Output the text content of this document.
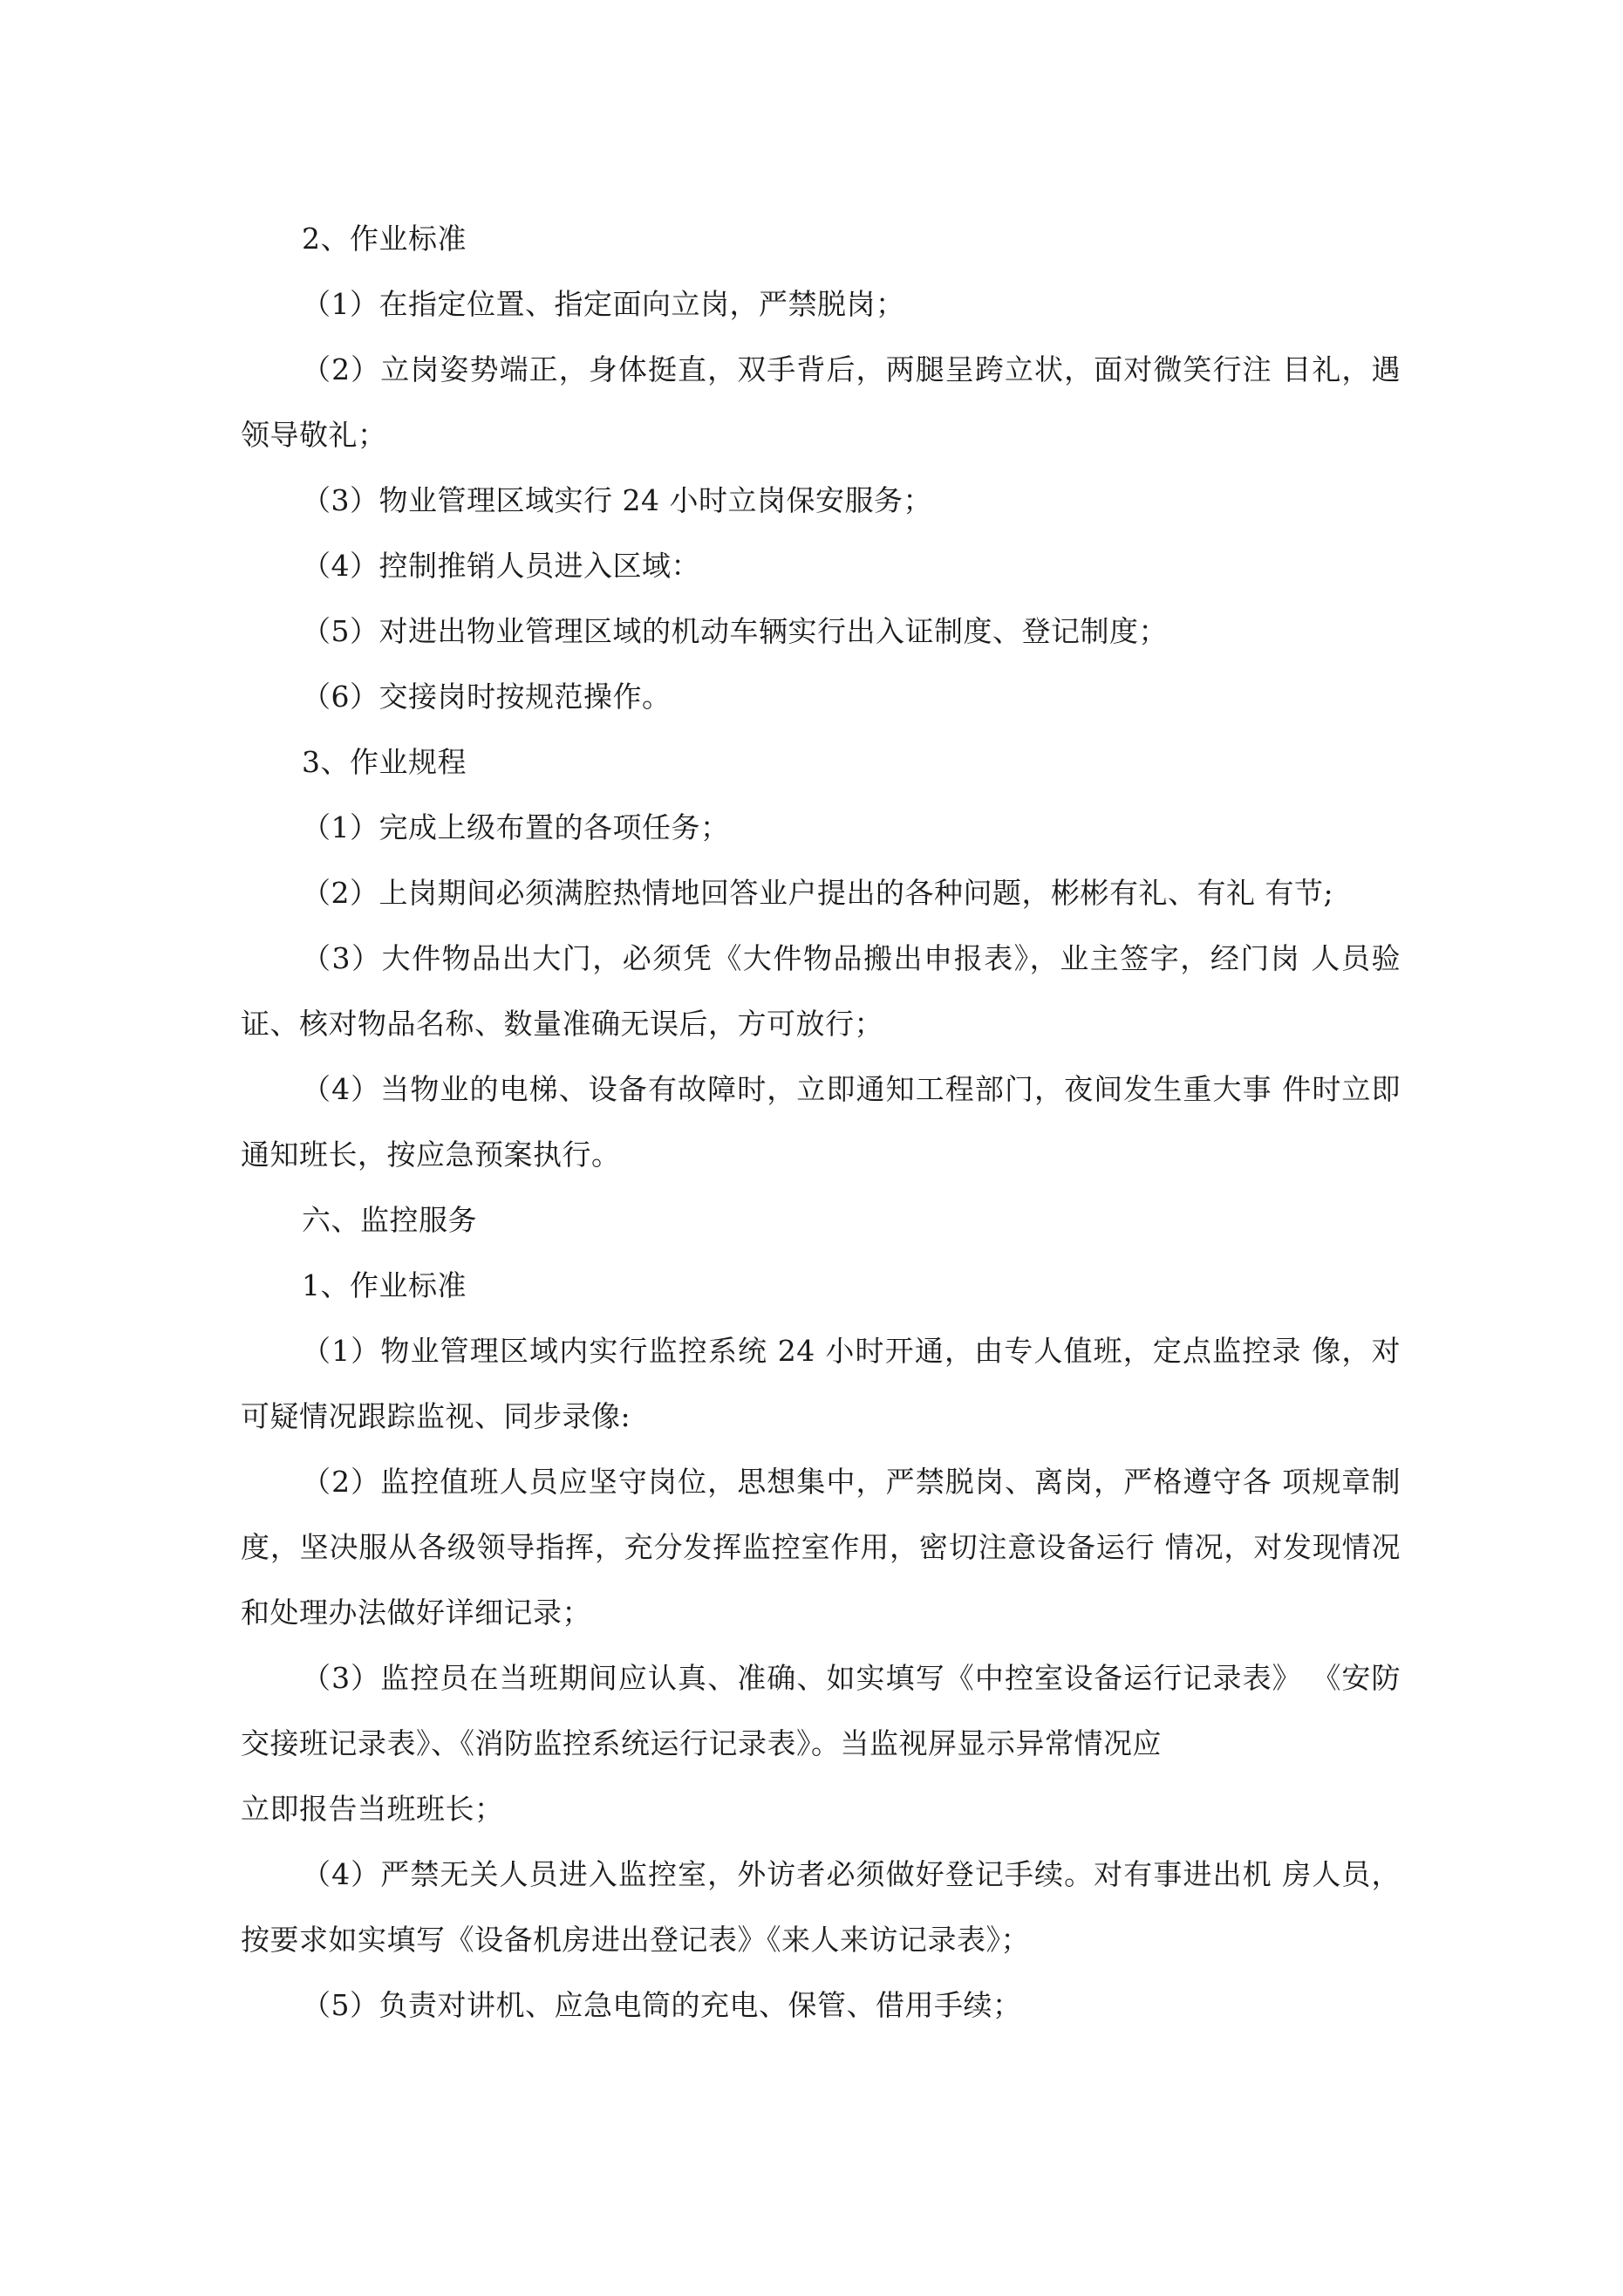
2、作业标准

（1）在指定位置、指定面向立岗，严禁脱岗；

（2）立岗姿势端正，身体挺直，双手背后，两腿呈跨立状，面对微笑行注 目礼，遇领导敬礼；

（3）物业管理区域实行 24 小时立岗保安服务；

（4）控制推销人员进入区域：

（5）对进出物业管理区域的机动车辆实行出入证制度、登记制度；

（6）交接岗时按规范操作。

3、作业规程

（1）完成上级布置的各项任务；

（2）上岗期间必须满腔热情地回答业户提出的各种问题，彬彬有礼、有礼 有节;

（3）大件物品出大门，必须凭《大件物品搬出申报表》，业主签字，经门岗 人员验证、核对物品名称、数量准确无误后，方可放行；

（4）当物业的电梯、设备有故障时，立即通知工程部门，夜间发生重大事 件时立即通知班长，按应急预案执行。

六、监控服务

1、作业标准

（1）物业管理区域内实行监控系统 24 小时开通，由专人值班，定点监控录 像，对可疑情况跟踪监视、同步录像:

（2）监控值班人员应坚守岗位，思想集中，严禁脱岗、离岗，严格遵守各 项规章制度，坚决服从各级领导指挥，充分发挥监控室作用，密切注意设备运行 情况，对发现情况和处理办法做好详细记录；

（3）监控员在当班期间应认真、准确、如实填写《中控室设备运行记录表》 《安防交接班记录表》、《消防监控系统运行记录表》。当监视屏显示异常情况应
立即报告当班班长；

（4）严禁无关人员进入监控室，外访者必须做好登记手续。对有事进出机 房人员，按要求如实填写《设备机房进出登记表》《来人来访记录表》；

（5）负责对讲机、应急电筒的充电、保管、借用手续；
